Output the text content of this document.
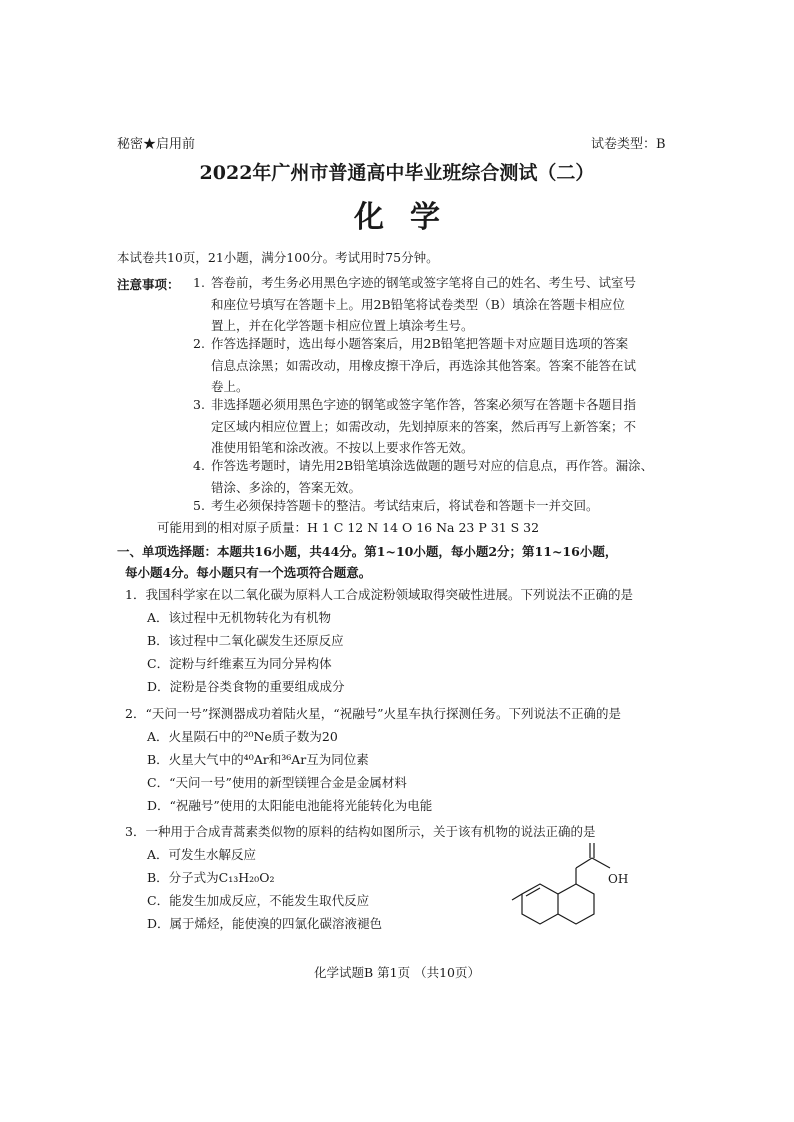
秘密★启用前	试卷类型：B
2022年广州市普通高中毕业班综合测试（二）
化学
本试卷共10页，21小题，满分100分。考试用时75分钟。
注意事项： 1. 答卷前，考生务必用黑色字迹的钢笔或签字笔将自己的姓名、考生号、试室号
和座位号填写在答题卡上。用2B铅笔将试卷类型（B）填涂在答题卡相应位
置上，并在化学答题卡相应位置上填涂考生号。
2. 作答选择题时，选出每小题答案后，用2B铅笔把答题卡对应题目选项的答案
信息点涂黑；如需改动，用橡皮擦干净后，再选涂其他答案。答案不能答在试
卷上。
3. 非选择题必须用黑色字迹的钢笔或签字笔作答，答案必须写在答题卡各题目指
定区域内相应位置上；如需改动，先划掉原来的答案，然后再写上新答案；不
准使用铅笔和涂改液。不按以上要求作答无效。
4. 作答选考题时，请先用2B铅笔填涂选做题的题号对应的信息点，再作答。漏涂、
错涂、多涂的，答案无效。
5. 考生必须保持答题卡的整洁。考试结束后，将试卷和答题卡一并交回。
可能用到的相对原子质量：H 1 C 12 N 14 O 16 Na 23 P 31 S 32
一、单项选择题：本题共16小题，共44分。第1~10小题，每小题2分；第11~16小题，
每小题4分。每小题只有一个选项符合题意。
1．我国科学家在以二氧化碳为原料人工合成淀粉领域取得突破性进展。下列说法不正确的是
A．该过程中无机物转化为有机物
B．该过程中二氧化碳发生还原反应
C．淀粉与纤维素互为同分异构体
D．淀粉是谷类食物的重要组成成分
2．“天问一号”探测器成功着陆火星，“祝融号”火星车执行探测任务。下列说法不正确的是
A．火星陨石中的²⁰Ne质子数为20
B．火星大气中的⁴⁰Ar和³⁶Ar互为同位素
C．“天问一号”使用的新型镁锂合金是金属材料
D．“祝融号”使用的太阳能电池能将光能转化为电能
3．一种用于合成青蒿素类似物的原料的结构如图所示，关于该有机物的说法正确的是
A．可发生水解反应
B．分子式为C₁₃H₂₀O₂
C．能发生加成反应，不能发生取代反应
D．属于烯烃，能使溴的四氯化碳溶液褪色
OH
化学试题B 第1页 （共10页）
